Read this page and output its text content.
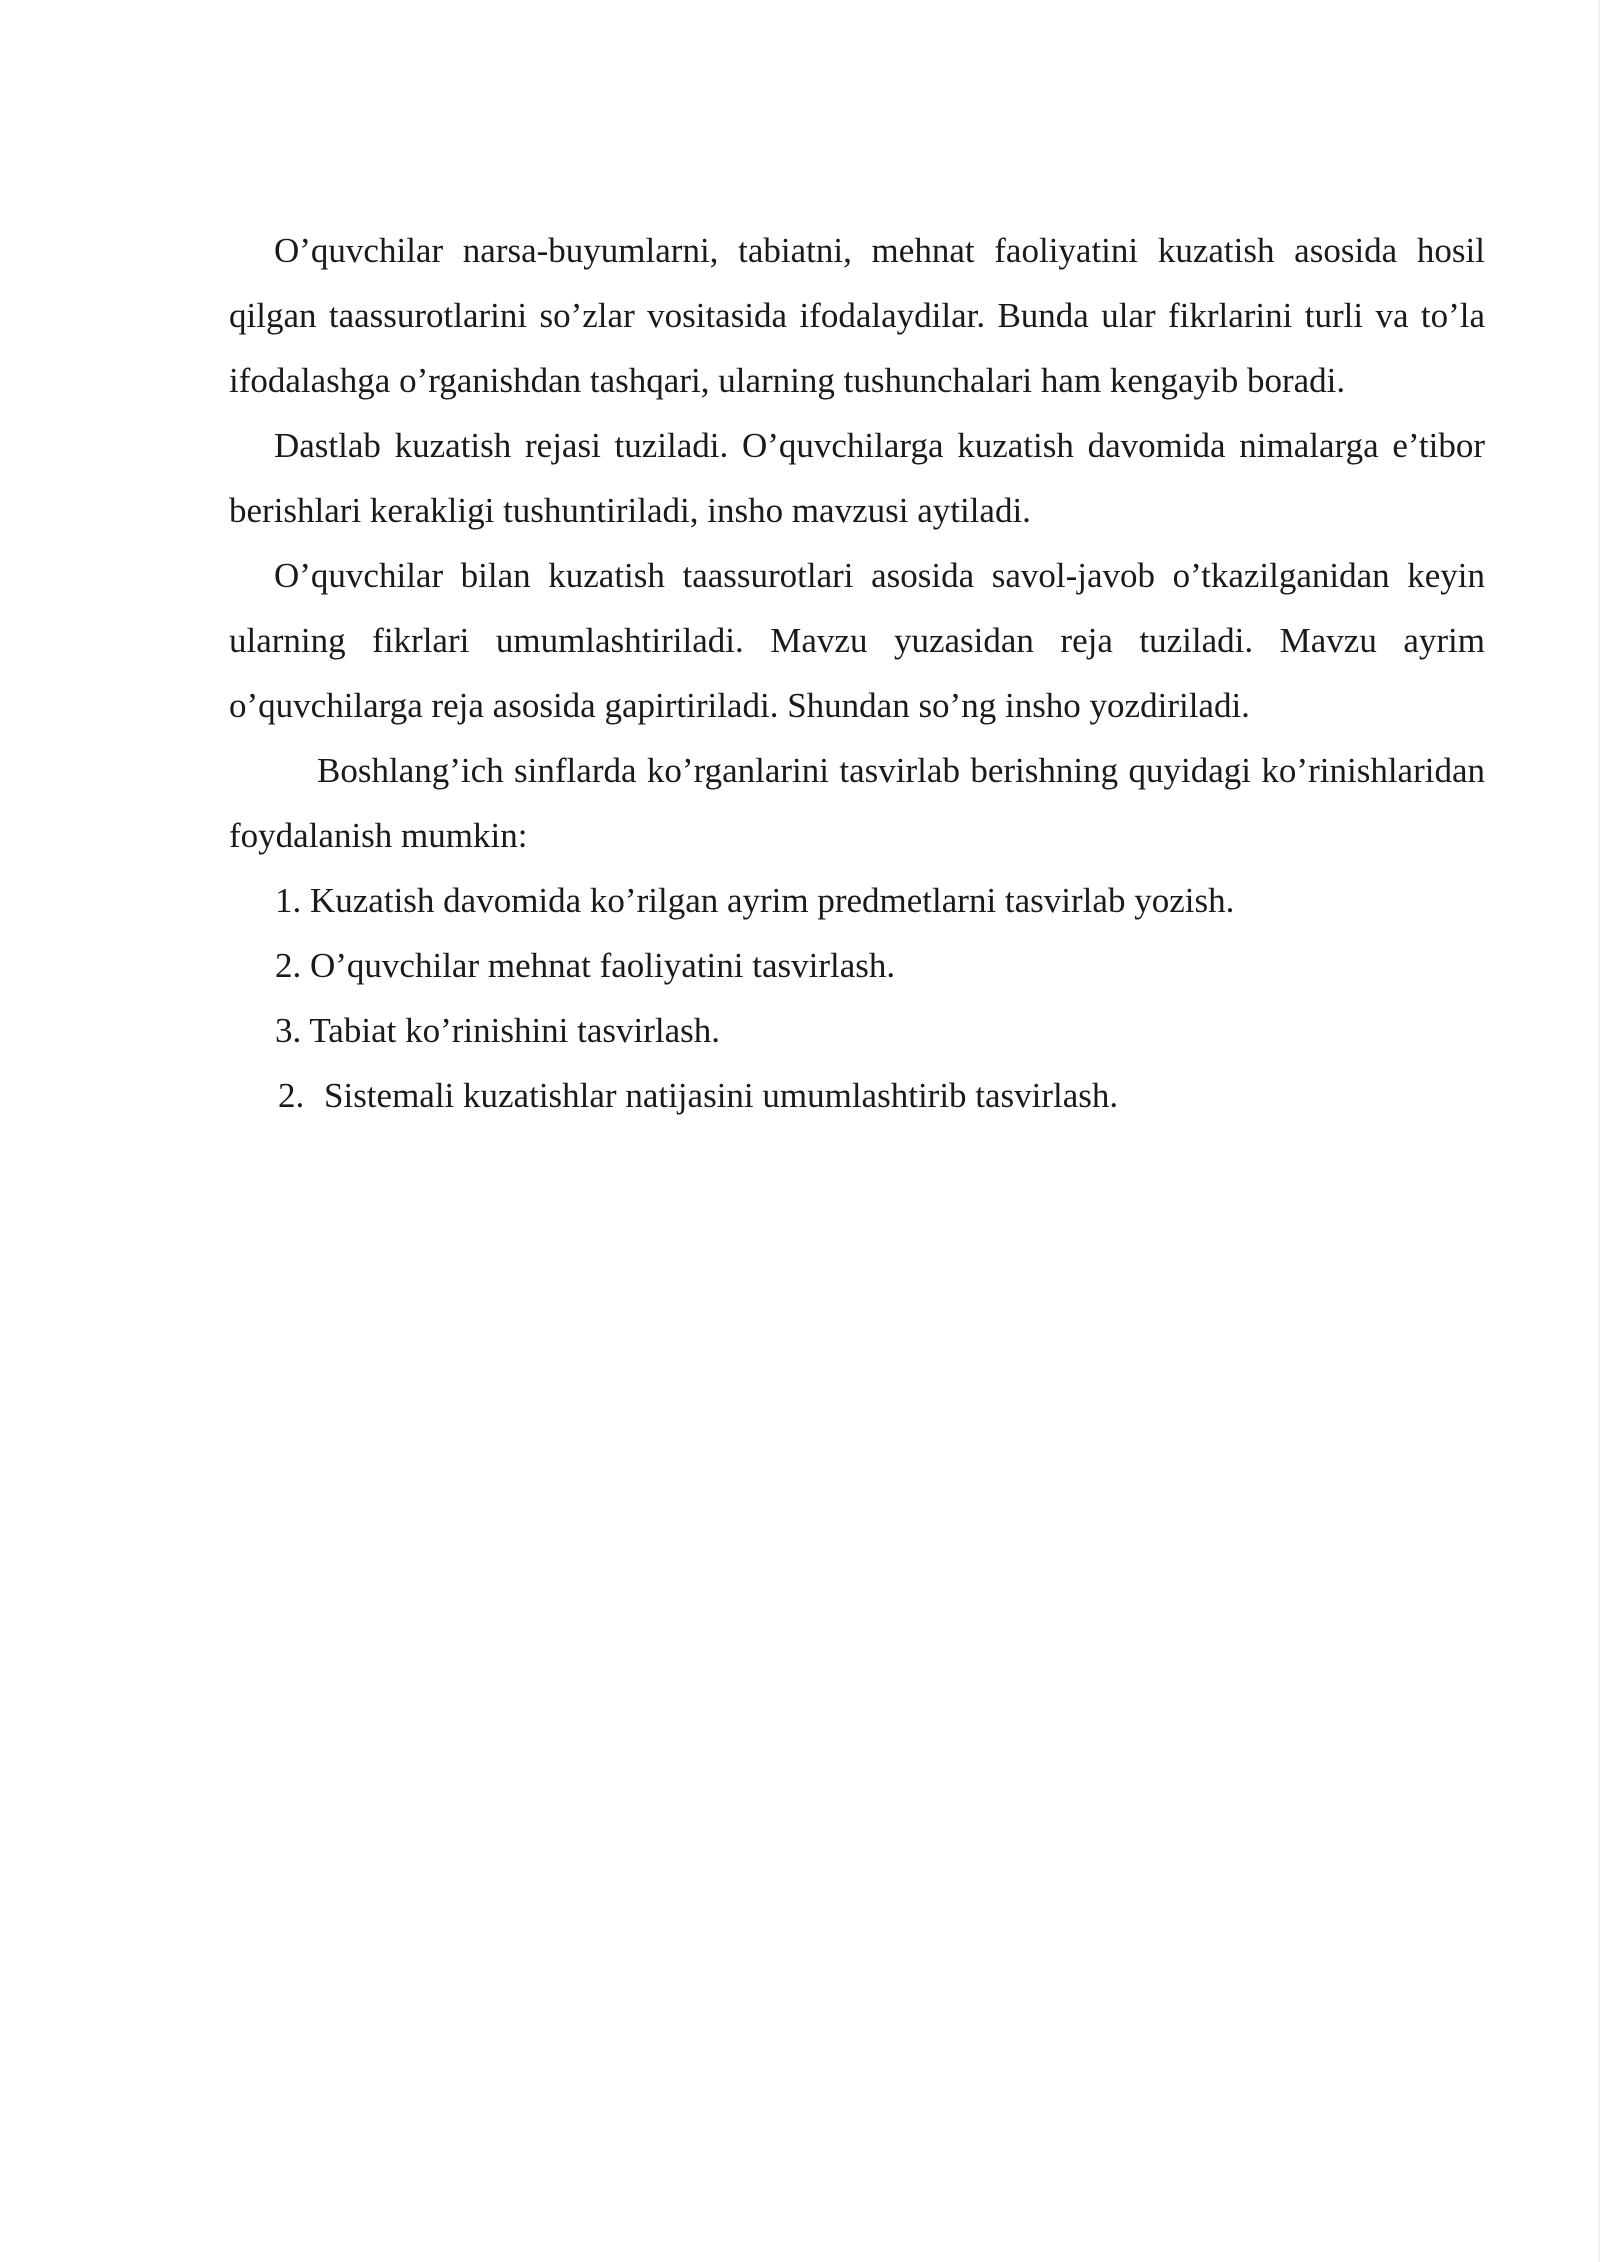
O’quvchilar narsa-buyumlarni, tabiatni, mehnat faoliyatini kuzatish asosida hosil qilgan taassurotlarini so’zlar vositasida ifodalaydilar. Bunda ular fikrlarini turli va to’la ifodalashga o’rganishdan tashqari, ularning tushunchalari ham kengayib boradi.

Dastlab kuzatish rejasi tuziladi. O’quvchilarga kuzatish davomida nimalarga e’tibor berishlari kerakligi tushuntiriladi, insho mavzusi aytiladi.

O’quvchilar bilan kuzatish taassurotlari asosida savol-javob o’tkazilganidan keyin ularning fikrlari umumlashtiriladi. Mavzu yuzasidan reja tuziladi. Mavzu ayrim o’quvchilarga reja asosida gapirtiriladi. Shundan so’ng insho yozdiriladi.

Boshlang’ich sinflarda ko’rganlarini tasvirlab berishning quyidagi ko’rinishlaridan foydalanish mumkin:

1. Kuzatish davomida ko’rilgan ayrim predmetlarni tasvirlab yozish.
2. O’quvchilar mehnat faoliyatini tasvirlash.
3. Tabiat ko’rinishini tasvirlash.
2. Sistemali kuzatishlar natijasini umumlashtirib tasvirlash.
